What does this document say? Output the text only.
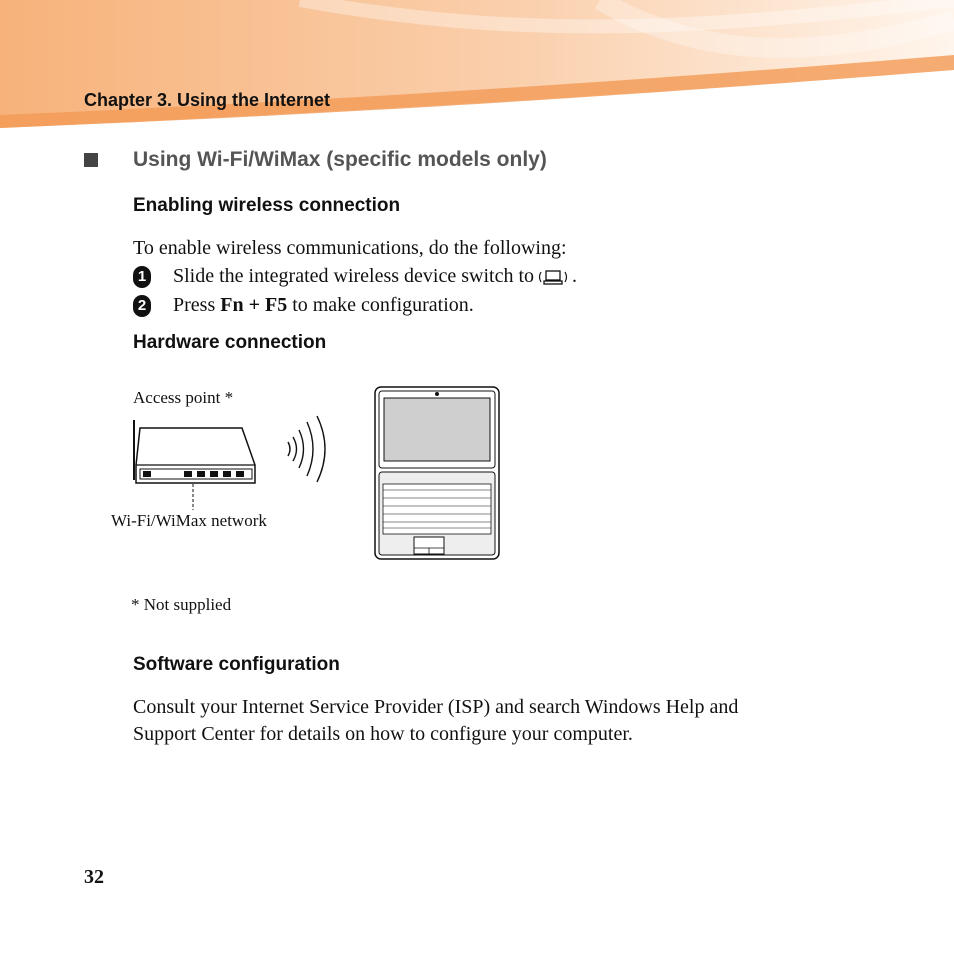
Chapter 3. Using the Internet
Using Wi-Fi/WiMax (specific models only)
Enabling wireless connection
To enable wireless communications, do the following:
1 Slide the integrated wireless device switch to .
2 Press
Fn + F5
to make configuration.
Hardware connection
Access point *
Wi-Fi/WiMax network
* Not supplied
Software configuration
Consult your Internet Service Provider (ISP) and search Windows Help and
Support Center for details on how to configure your computer.
32
